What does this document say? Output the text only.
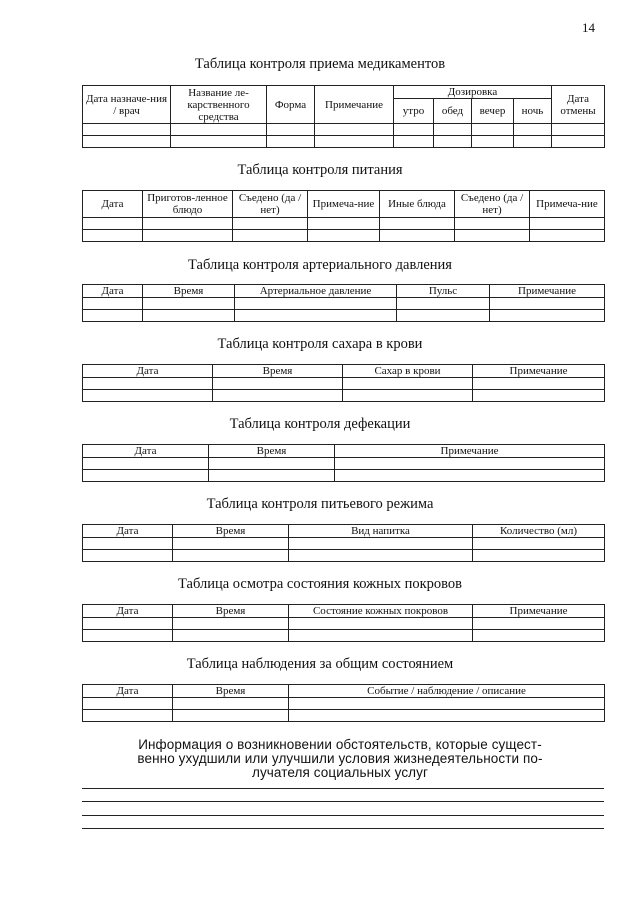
14
Таблица контроля приема медикаментов
Дата назначе-ния / врач	Название ле-карственного средства	Форма	Примечание	Дозировка				Дата отмены
				утро	обед	вечер	ночь	

Таблица контроля питания
Дата	Приготов-ленное блюдо	Съедено (да / нет)	Примеча-ние	Иные блюда	Съедено (да / нет)	Примеча-ние

Таблица контроля артериального давления
Дата	Время	Артериальное давление	Пульс	Примечание

Таблица контроля сахара в крови
Дата	Время	Сахар в крови	Примечание

Таблица контроля дефекации
Дата	Время	Примечание

Таблица контроля питьевого режима
Дата	Время	Вид напитка	Количество (мл)

Таблица осмотра состояния кожных покровов
Дата	Время	Состояние кожных покровов	Примечание

Таблица наблюдения за общим состоянием
Дата	Время	Событие / наблюдение / описание

Информация о возникновении обстоятельств, которые сущест-
венно ухудшили или улучшили условия жизнедеятельности по-
лучателя социальных услуг
